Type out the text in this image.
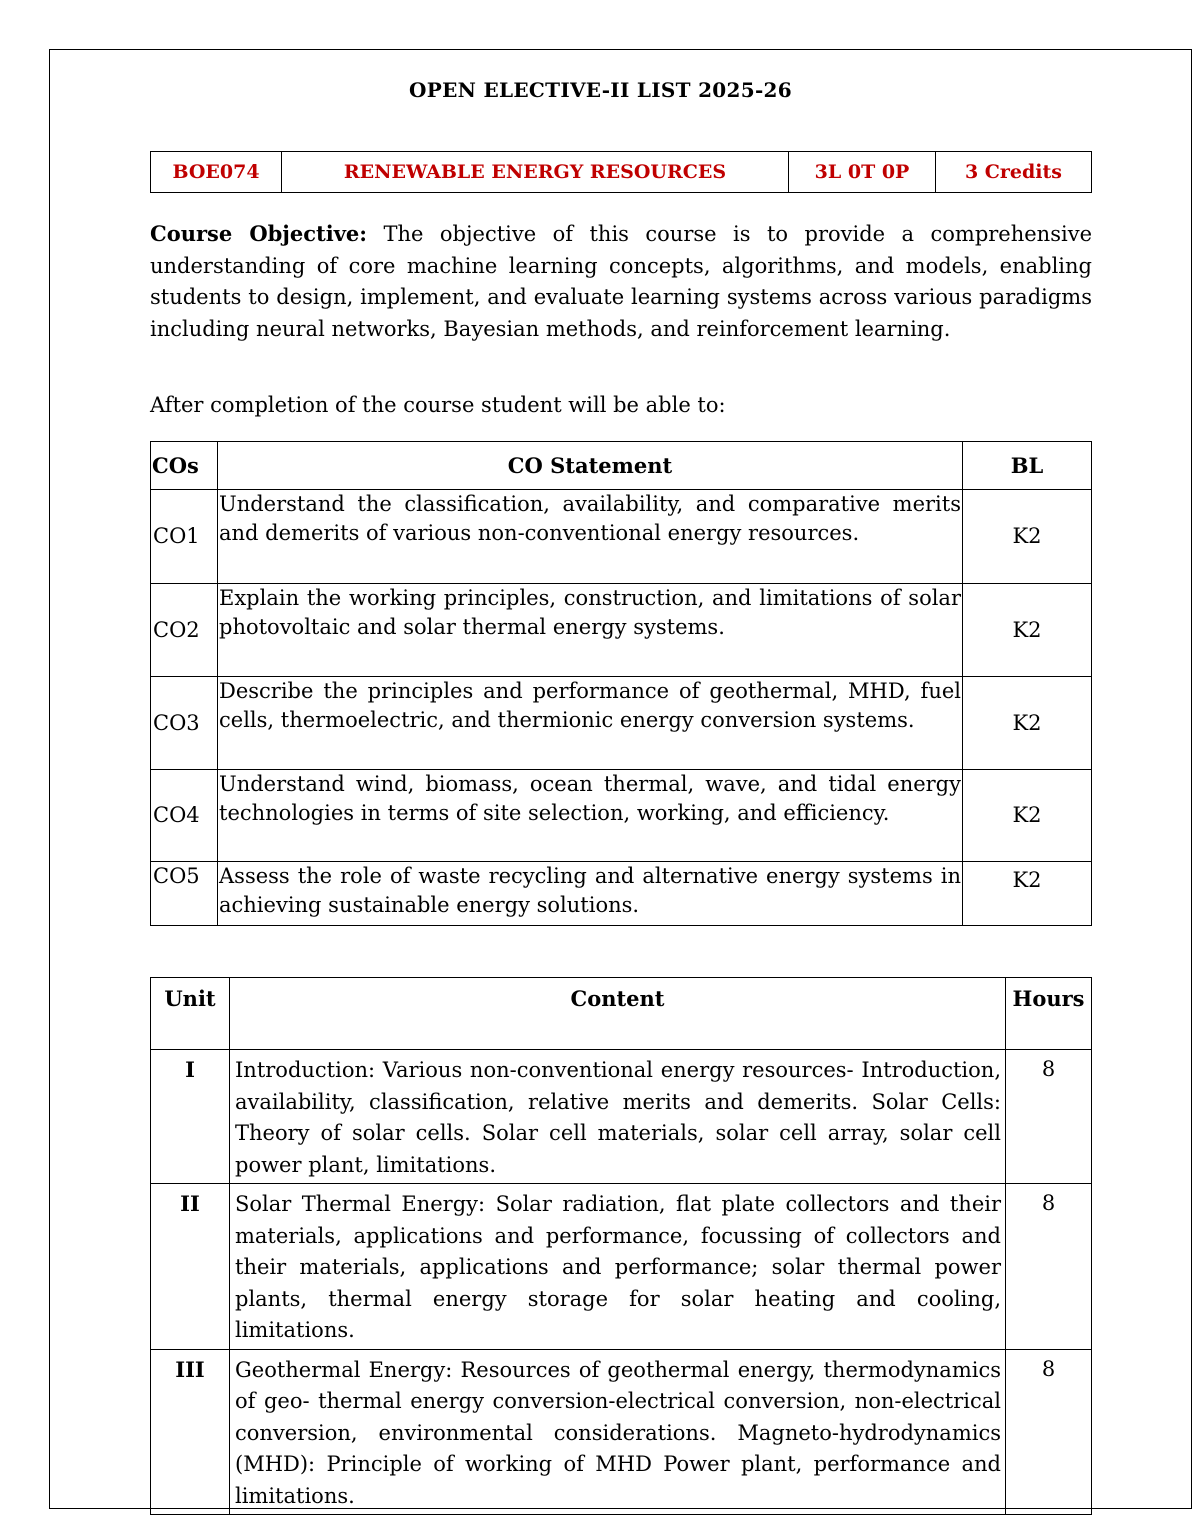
OPEN ELECTIVE-II LIST 2025-26
BOE074	RENEWABLE ENERGY RESOURCES	3L 0T 0P	3 Credits

Course Objective: The objective of this course is to provide a comprehensive understanding of core machine learning concepts, algorithms, and models, enabling students to design, implement, and evaluate learning systems across various paradigms including neural networks, Bayesian methods, and reinforcement learning.

After completion of the course student will be able to:

COs	CO Statement	BL
CO1	Understand the classification, availability, and comparative merits and demerits of various non-conventional energy resources.	K2
CO2	Explain the working principles, construction, and limitations of solar photovoltaic and solar thermal energy systems.	K2
CO3	Describe the principles and performance of geothermal, MHD, fuel cells, thermoelectric, and thermionic energy conversion systems.	K2
CO4	Understand wind, biomass, ocean thermal, wave, and tidal energy technologies in terms of site selection, working, and efficiency.	K2
CO5	Assess the role of waste recycling and alternative energy systems in achieving sustainable energy solutions.	K2
Unit	Content	Hours
I	Introduction: Various non-conventional energy resources- Introduction, availability, classification, relative merits and demerits. Solar Cells: Theory of solar cells. Solar cell materials, solar cell array, solar cell power plant, limitations.	8
II	Solar Thermal Energy: Solar radiation, flat plate collectors and their materials, applications and performance, focussing of collectors and their materials, applications and performance; solar thermal power plants, thermal energy storage for solar heating and cooling, limitations.	8
III	Geothermal Energy: Resources of geothermal energy, thermodynamics of geo- thermal energy conversion-electrical conversion, non-electrical conversion, environmental considerations. Magneto-hydrodynamics (MHD): Principle of working of MHD Power plant, performance and limitations.	8
